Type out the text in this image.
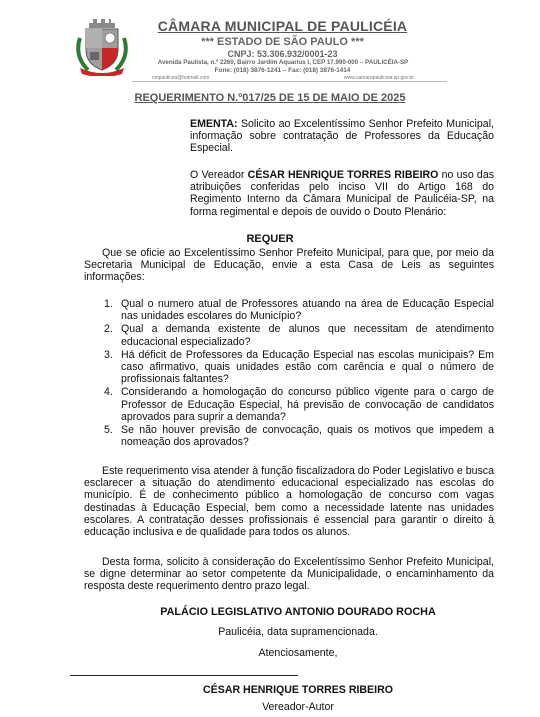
CÂMARA MUNICIPAL DE PAULICÉIA
*** ESTADO DE SÃO PAULO ***
CNPJ: 53.306.932/0001-23
Avenida Paulista, n.º 2260, Bairro Jardim Aquarius I, CEP 17.990-000 – PAULICÉIA-SP
Fone: (018) 3876-1241 – Fax: (018) 3876-1414
cmpaulicea@hotmail.com	www.camarapauliceia.sp.gov.br
REQUERIMENTO N.º017/25 DE 15 DE MAIO DE 2025
EMENTA: Solicito ao Excelentíssimo Senhor Prefeito Municipal, informação sobre contratação de Professores da Educação Especial.
O Vereador CÉSAR HENRIQUE TORRES RIBEIRO no uso das atribuições conferidas pelo inciso VII do Artigo 168 do Regimento Interno da Câmara Municipal de Paulicéia-SP, na forma regimental e depois de ouvido o Douto Plenário:
REQUER
Que se oficie ao Excelentíssimo Senhor Prefeito Municipal, para que, por meio da Secretaria Municipal de Educação, envie a esta Casa de Leis as seguintes informações:
1. Qual o numero atual de Professores atuando na área de Educação Especial nas unidades escolares do Município?
2. Qual a demanda existente de alunos que necessitam de atendimento educacional especializado?
3. Há déficit de Professores da Educação Especial nas escolas municipais? Em caso afirmativo, quais unidades estão com carência e qual o número de profissionais faltantes?
4. Considerando a homologação do concurso público vigente para o cargo de Professor de Educação Especial, há previsão de convocação de candidatos aprovados para suprir a demanda?
5. Se não houver previsão de convocação, quais os motivos que impedem a nomeação dos aprovados?
Este requerimento visa atender à função fiscalizadora do Poder Legislativo e busca esclarecer a situação do atendimento educacional especializado nas escolas do município. É de conhecimento público a homologação de concurso com vagas destinadas à Educação Especial, bem como a necessidade latente nas unidades escolares. A contratação desses profissionais é essencial para garantir o direito à educação inclusiva e de qualidade para todos os alunos.
Desta forma, solicito à consideração do Excelentíssimo Senhor Prefeito Municipal, se digne determinar ao setor competente da Municipalidade, o encaminhamento da resposta deste requerimento dentro prazo legal.
PALÁCIO LEGISLATIVO ANTONIO DOURADO ROCHA
Paulicéia, data supramencionada.
Atenciosamente,
CÉSAR HENRIQUE TORRES RIBEIRO
Vereador-Autor
